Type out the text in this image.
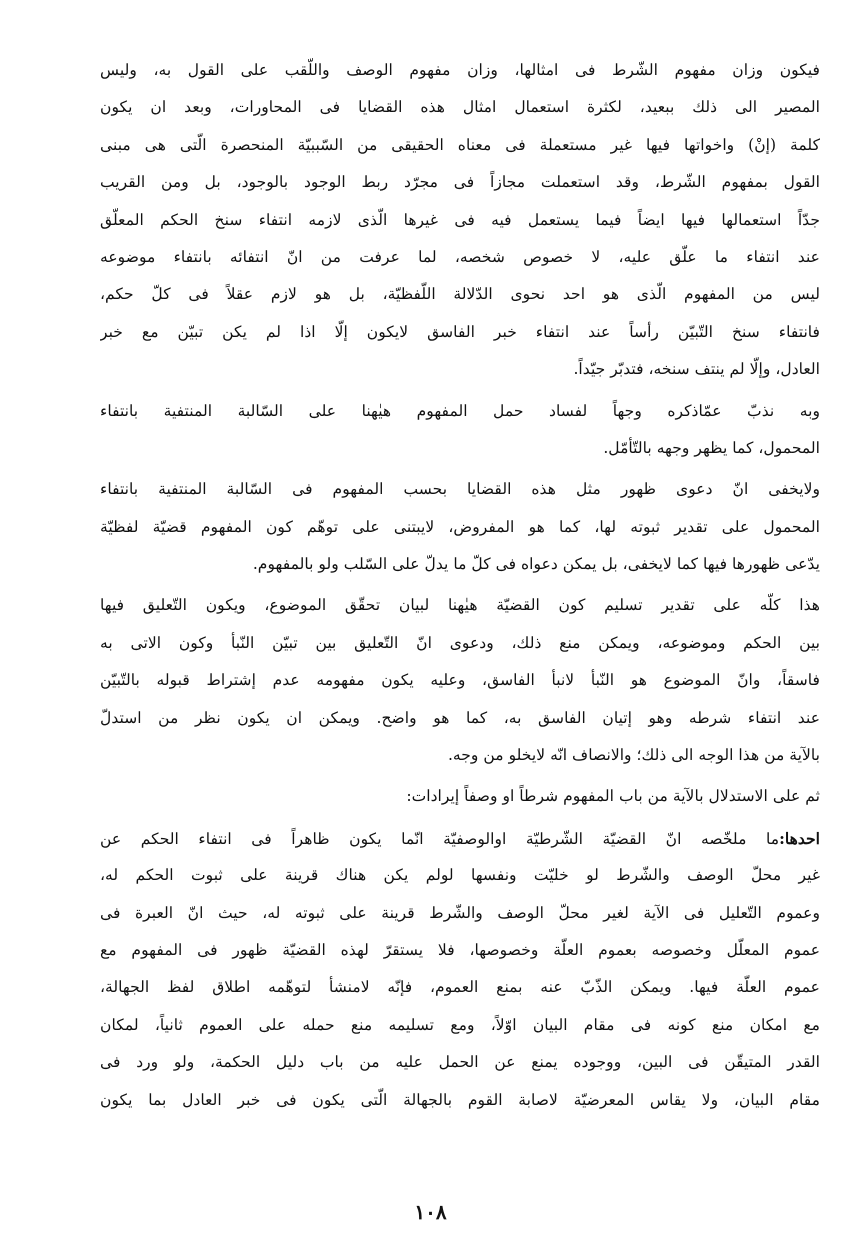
فيكون وزان مفهوم الشّرط فى امثالها، وزان مفهوم الوصف واللّقب على القول به، وليس
المصير الى ذلك ببعيد، لكثرة استعمال امثال هذه القضايا فى المحاورات، وبعد ان يكون
كلمة (إنْ) واخواتها فيها غير مستعملة فى معناه الحقيقى من السّببيّة المنحصرة الّتى هى مبنى
القول بمفهوم الشّرط، وقد استعملت مجازاً فى مجرّد ربط الوجود بالوجود، بل ومن القريب
جدّاً استعمالها فيها ايضاً فيما يستعمل فيه فى غيرها الّذى لازمه انتفاء سنخ الحكم المعلّق
عند انتفاء ما علّق عليه، لا خصوص شخصه، لما عرفت من انّ انتفائه بانتفاء موضوعه
ليس من المفهوم الّذى هو احد نحوى الدّلالة اللّفظيّة، بل هو لازم عقلاً فى كلّ حكم،
فانتفاء سنخ التّبيّن رأساً عند انتفاء خبر الفاسق لايكون إلّا اذا لم يكن تبيّن مع خبر
العادل، وإلّا لم ينتف سنخه، فتدبّر جيّداً.
وبه نذبّ عمّاذكره وجهاً لفساد حمل المفهوم هيٰهنا على السّالبة المنتفية بانتفاء
المحمول، كما يظهر وجهه بالتّأمّل.
ولايخفى انّ دعوى ظهور مثل هذه القضايا بحسب المفهوم فى السّالبة المنتفية بانتفاء
المحمول على تقدير ثبوته لها، كما هو المفروض، لايبتنى على توهّم كون المفهوم قضيّة لفظيّة
يدّعى ظهورها فيها كما لايخفى، بل يمكن دعواه فى كلّ ما يدلّ على السّلب ولو بالمفهوم.
هذا كلّه على تقدير تسليم كون القضيّة هيٰهنا لبيان تحقّق الموضوع، ويكون التّعليق فيها
بين الحكم وموضوعه، ويمكن منع ذلك، ودعوى انّ التّعليق بين تبيّن النّبأ وكون الاتى به
فاسقاً، وانّ الموضوع هو النّبأ لانبأ الفاسق، وعليه يكون مفهومه عدم إشتراط قبوله بالتّبيّن
عند انتفاء شرطه وهو إتيان الفاسق به، كما هو واضح. ويمكن ان يكون نظر من استدلّ
بالآية من هذا الوجه الى ذلك؛ والانصاف انّه لايخلو من وجه.
ثم على الاستدلال بالآية من باب المفهوم شرطاً او وصفاً إيرادات:
احدها:ما ملخّصه انّ القضيّة الشّرطيّة اوالوصفيّة انّما يكون ظاهراً فى انتفاء الحكم عن
غير محلّ الوصف والشّرط لو خليّت ونفسها لولم يكن هناك قرينة على ثبوت الحكم له،
وعموم التّعليل فى الآية لغير محلّ الوصف والشّرط قرينة على ثبوته له، حيث انّ العبرة فى
عموم المعلّل وخصوصه بعموم العلّة وخصوصها، فلا يستقرّ لهذه القضيّة ظهور فى المفهوم مع
عموم العلّة فيها. ويمكن الذّبّ عنه بمنع العموم، فإنّه لامنشأ لتوهّمه اطلاق لفظ الجهالة،
مع امكان منع كونه فى مقام البيان اوّلاً، ومع تسليمه منع حمله على العموم ثانياً، لمكان
القدر المتيقّن فى البين، ووجوده يمنع عن الحمل عليه من باب دليل الحكمة، ولو ورد فى
مقام البيان، ولا يقاس المعرضيّة لاصابة القوم بالجهالة الّتى يكون فى خبر العادل بما يكون
١٠٨
